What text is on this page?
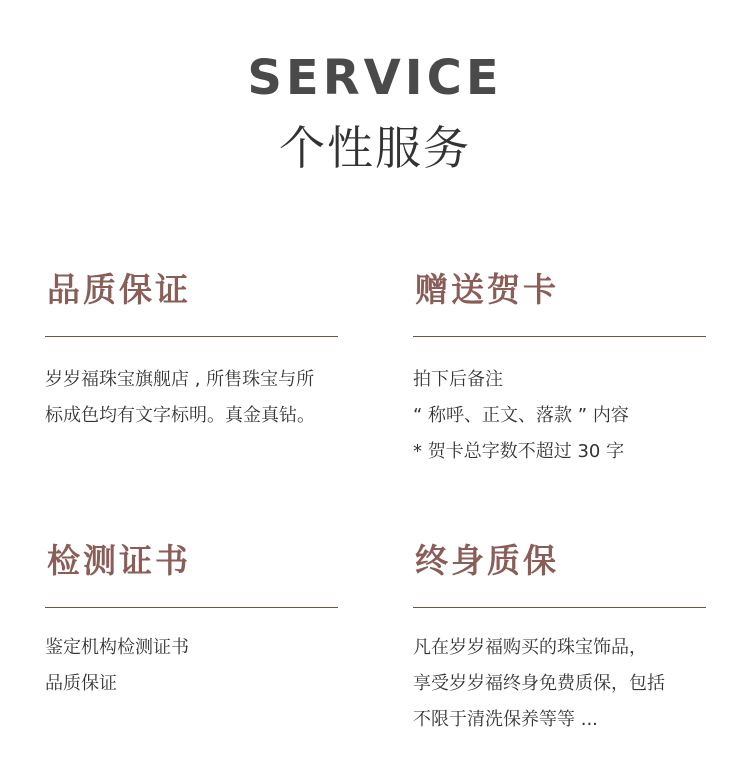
SERVICE
个性服务
品质保证
岁岁福珠宝旗舰店 , 所售珠宝与所
标成色均有文字标明。真金真钻。
赠送贺卡
拍下后备注
“ 称呼、正文、落款 ” 内容
* 贺卡总字数不超过 30 字
检测证书
鉴定机构检测证书
品质保证
终身质保
凡在岁岁福购买的珠宝饰品，
享受岁岁福终身免费质保，包括
不限于清洗保养等等 ...
